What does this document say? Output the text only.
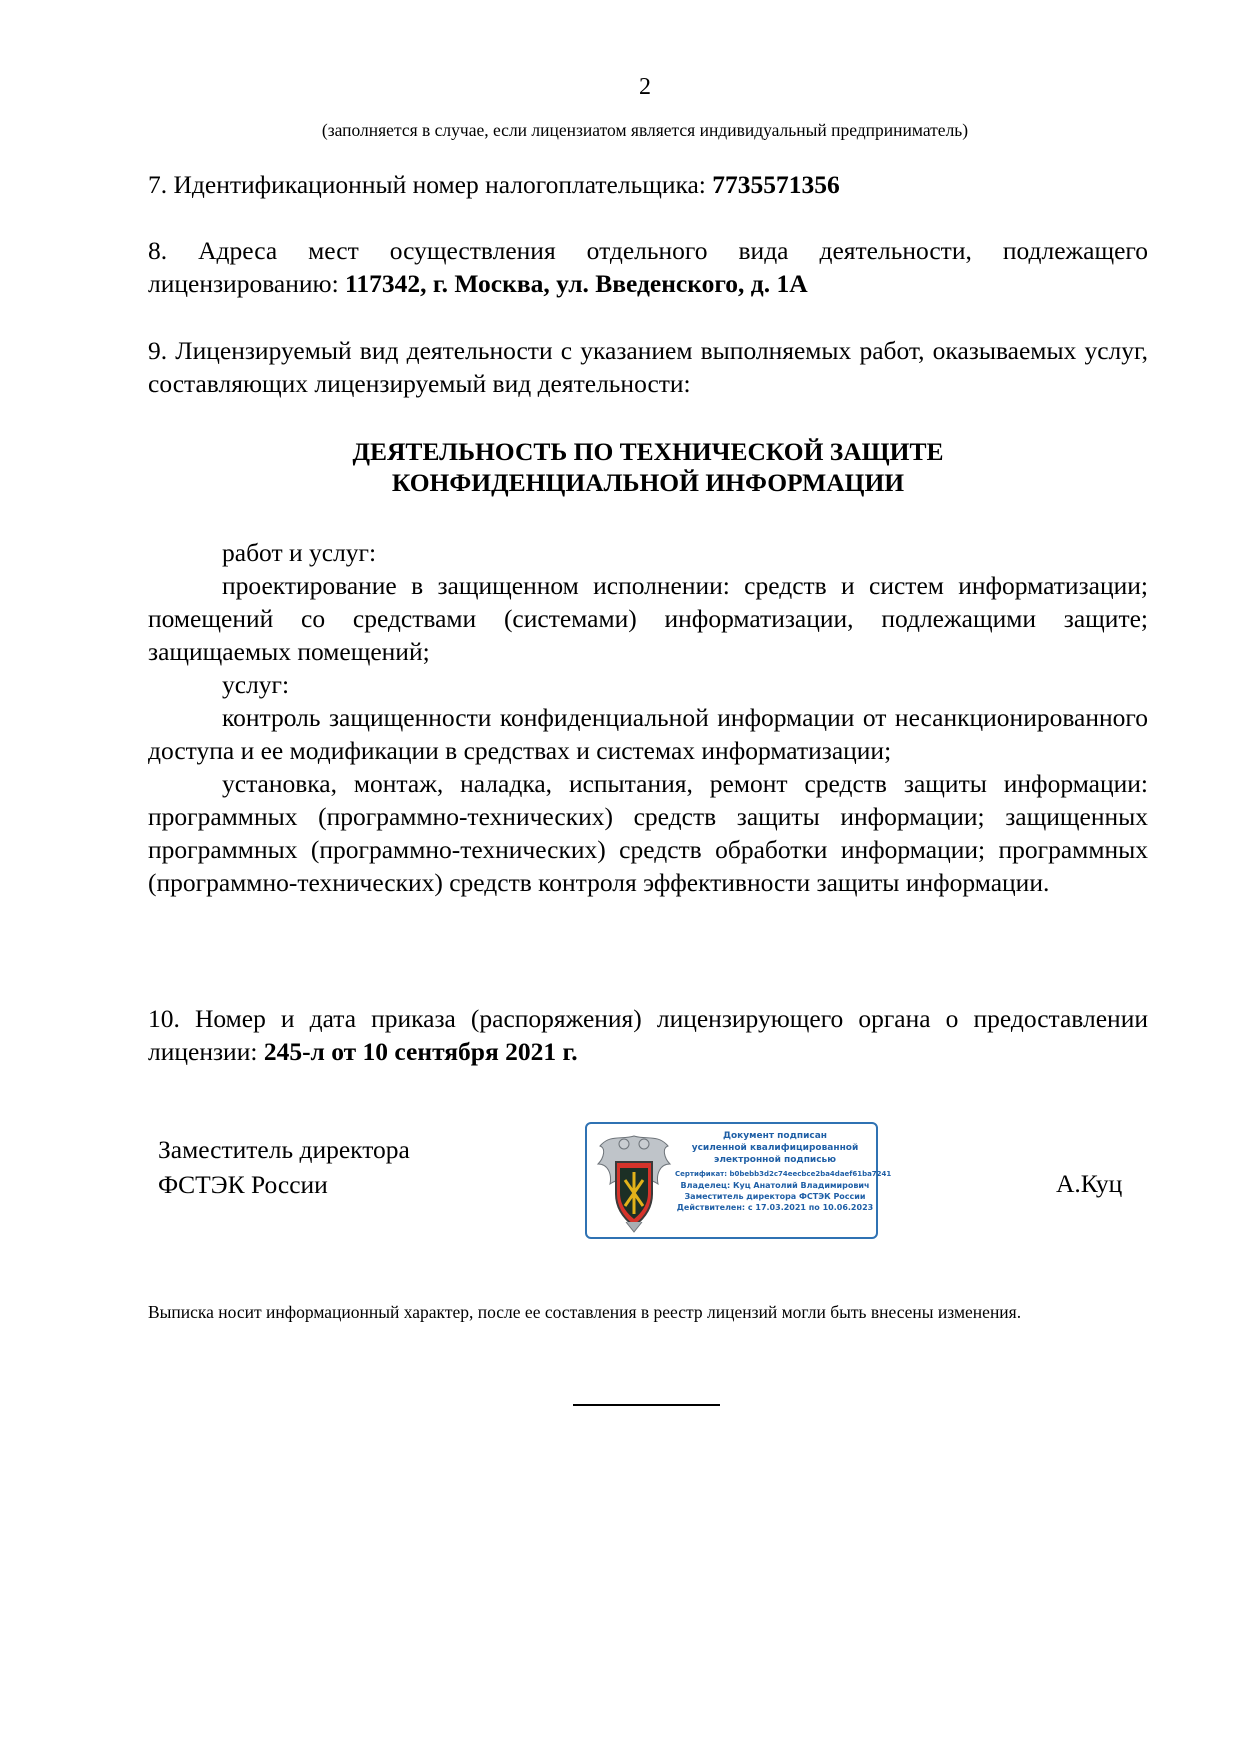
2
(заполняется в случае, если лицензиатом является индивидуальный предприниматель)
7. Идентификационный номер налогоплательщика: 7735571356
8. Адреса мест осуществления отдельного вида деятельности, подлежащего лицензированию: 117342, г. Москва, ул. Введенского, д. 1А
9. Лицензируемый вид деятельности с указанием выполняемых работ, оказываемых услуг, составляющих лицензируемый вид деятельности:
ДЕЯТЕЛЬНОСТЬ ПО ТЕХНИЧЕСКОЙ ЗАЩИТЕ
КОНФИДЕНЦИАЛЬНОЙ ИНФОРМАЦИИ
работ и услуг:
проектирование в защищенном исполнении: средств и систем информатизации; помещений со средствами (системами) информатизации, подлежащими защите; защищаемых помещений;
услуг:
контроль защищенности конфиденциальной информации от несанкционированного доступа и ее модификации в средствах и системах информатизации;
установка, монтаж, наладка, испытания, ремонт средств защиты информации: программных (программно-технических) средств защиты информации; защищенных программных (программно-технических) средств обработки информации; программных (программно-технических) средств контроля эффективности защиты информации.
10. Номер и дата приказа (распоряжения) лицензирующего органа о предоставлении лицензии: 245-л от 10 сентября 2021 г.
Заместитель директора
ФСТЭК России
Документ подписан
усиленной квалифицированной
электронной подписью
Сертификат: b0bebb3d2c74eecbce2ba4daef61ba7241
Владелец: Куц Анатолий Владимирович
Заместитель директора ФСТЭК России
Действителен: с 17.03.2021 по 10.06.2023
А.Куц
Выписка носит информационный характер, после ее составления в реестр лицензий могли быть внесены изменения.
